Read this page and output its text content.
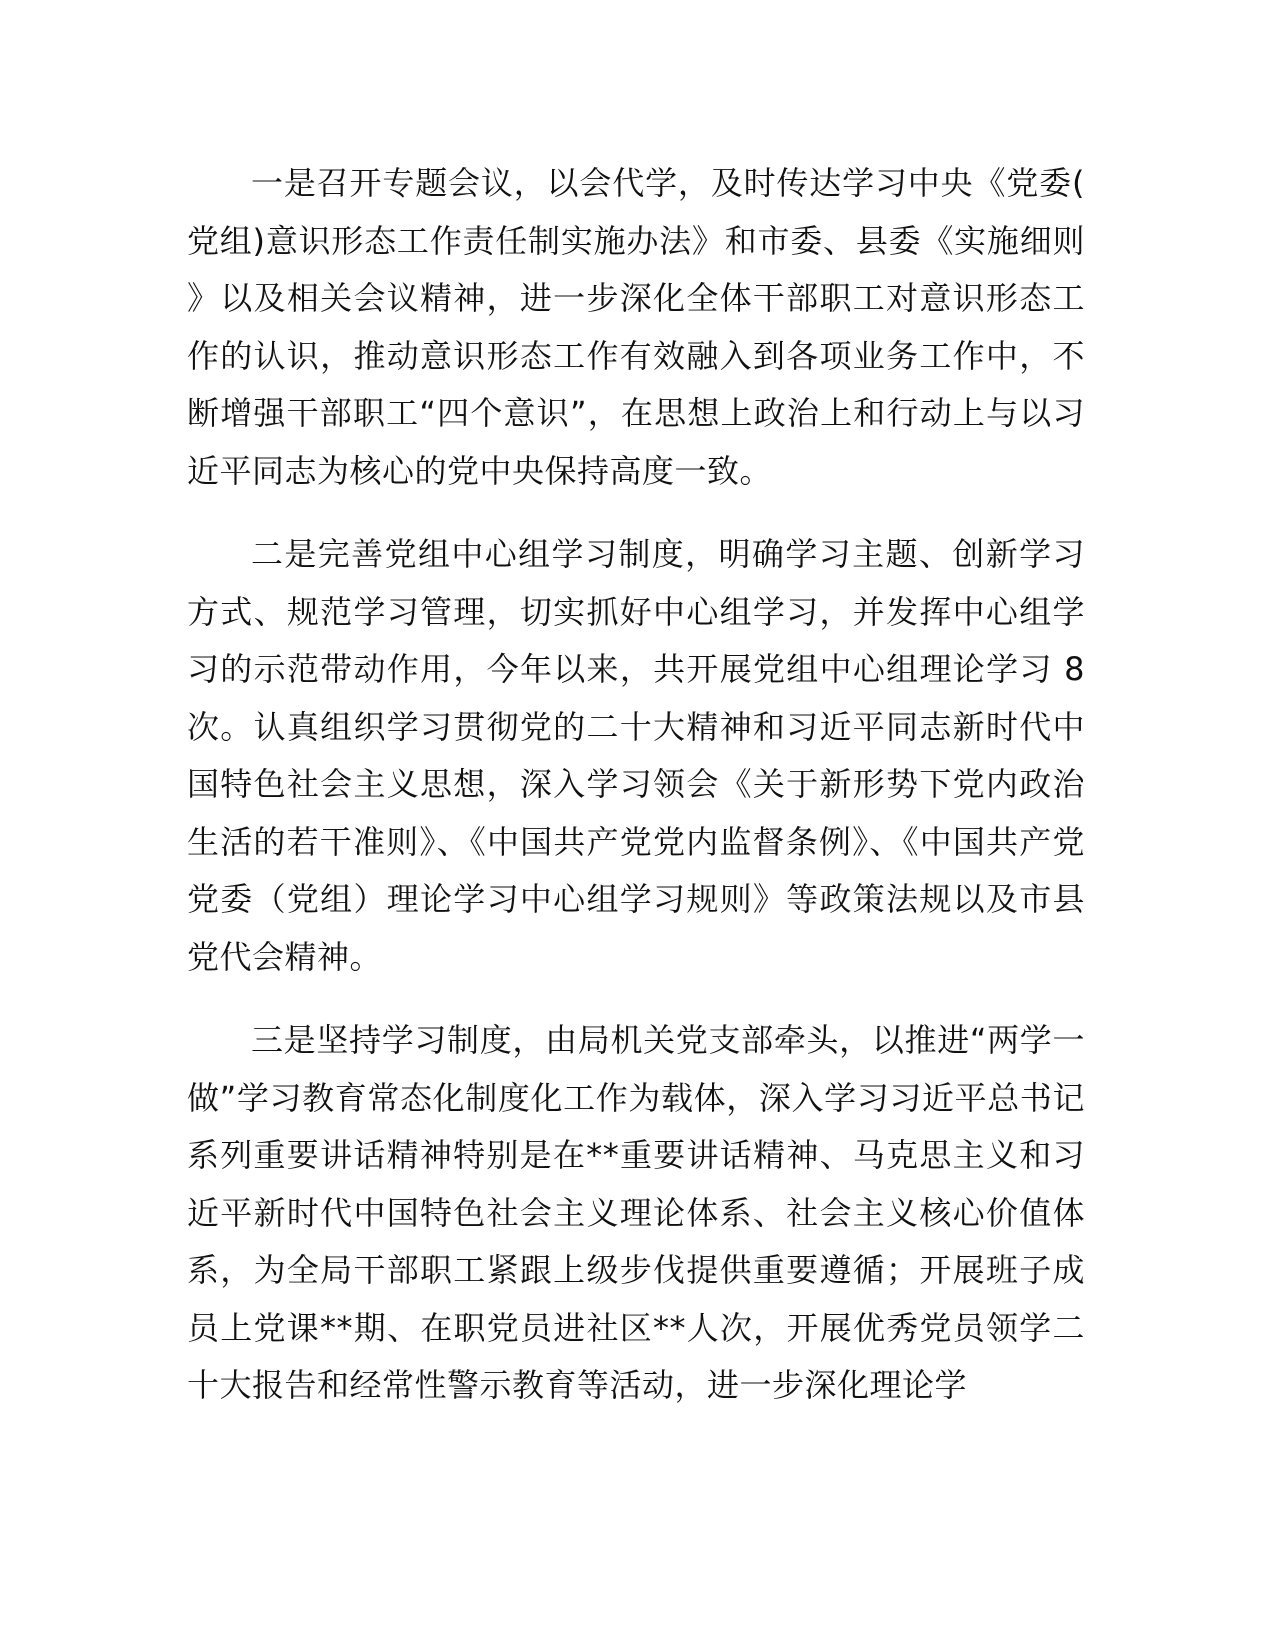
一是召开专题会议，以会代学，及时传达学习中央《党委(党组)意识形态工作责任制实施办法》和市委、县委《实施细则》以及相关会议精神，进一步深化全体干部职工对意识形态工作的认识，推动意识形态工作有效融入到各项业务工作中，不断增强干部职工“四个意识”，在思想上政治上和行动上与以习近平同志为核心的党中央保持高度一致。

二是完善党组中心组学习制度，明确学习主题、创新学习方式、规范学习管理，切实抓好中心组学习，并发挥中心组学习的示范带动作用，今年以来，共开展党组中心组理论学习 8 次。认真组织学习贯彻党的二十大精神和习近平同志新时代中国特色社会主义思想，深入学习领会《关于新形势下党内政治生活的若干准则》、《中国共产党党内监督条例》、《中国共产党党委（党组）理论学习中心组学习规则》等政策法规以及市县党代会精神。

三是坚持学习制度，由局机关党支部牵头，以推进“两学一做”学习教育常态化制度化工作为载体，深入学习习近平总书记系列重要讲话精神特别是在**重要讲话精神、马克思主义和习近平新时代中国特色社会主义理论体系、社会主义核心价值体系，为全局干部职工紧跟上级步伐提供重要遵循；开展班子成员上党课**期、在职党员进社区**人次，开展优秀党员领学二十大报告和经常性警示教育等活动，进一步深化理论学
